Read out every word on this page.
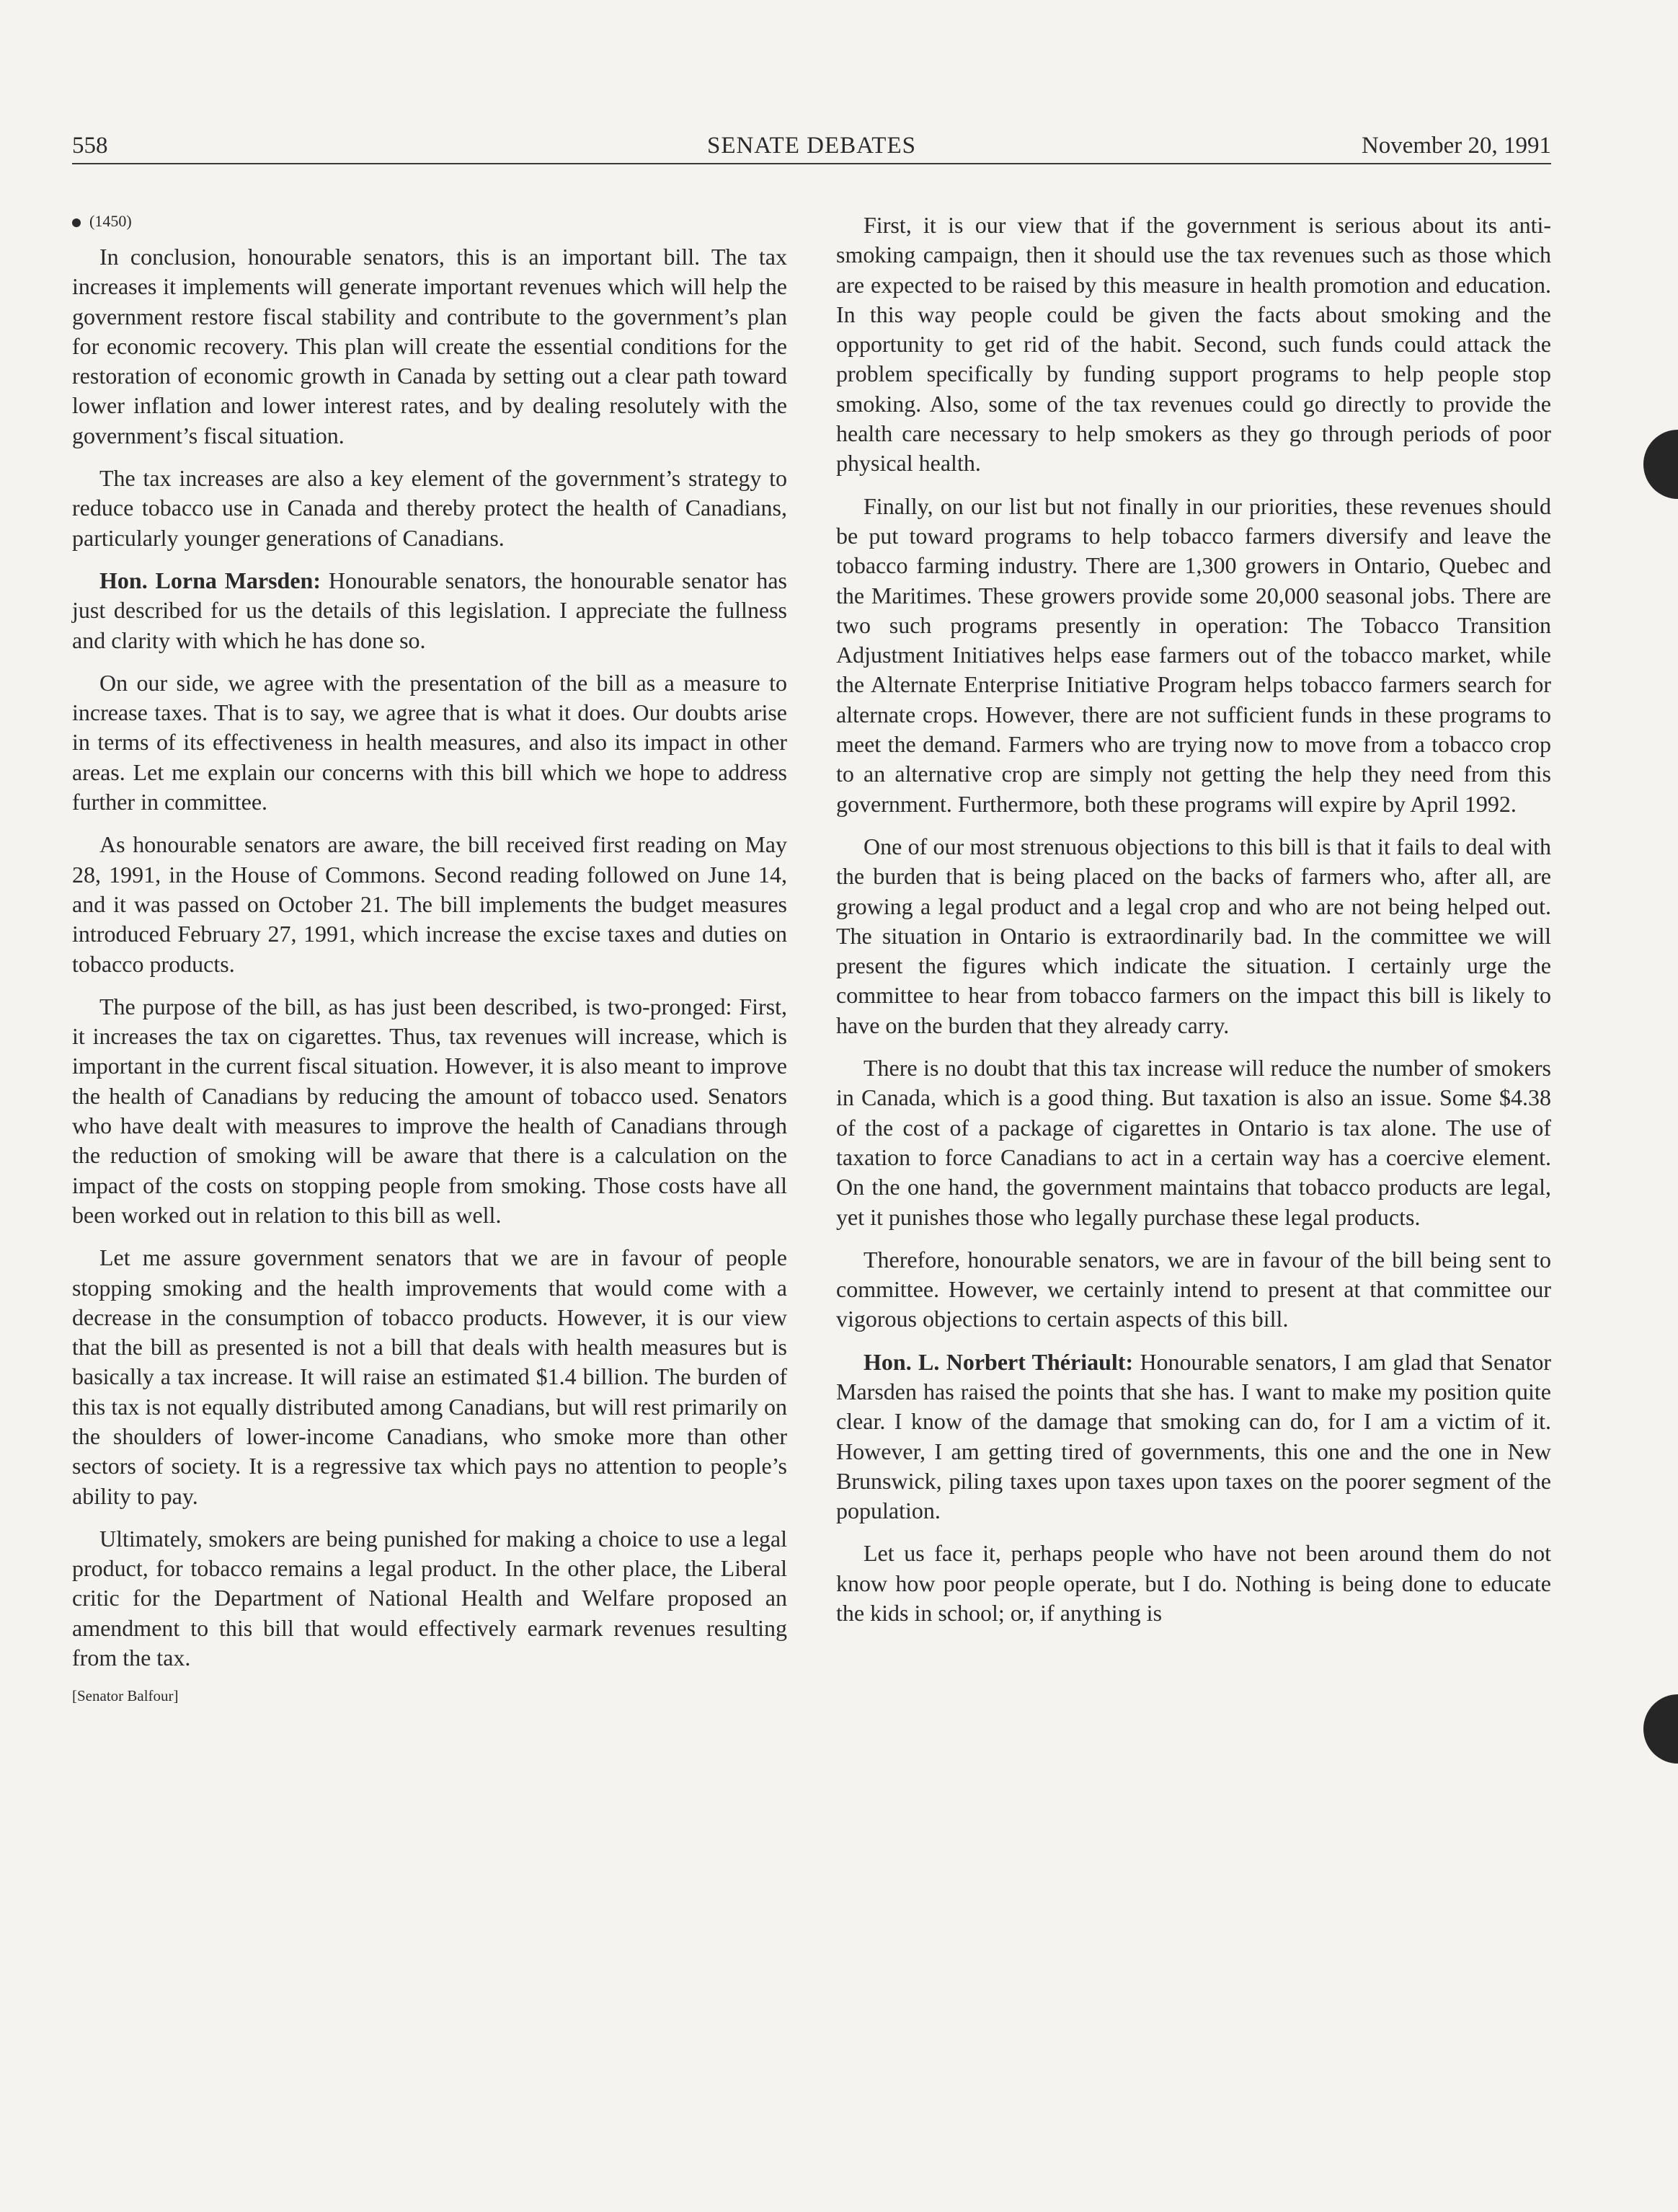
558	SENATE DEBATES	November 20, 1991
(1450)

In conclusion, honourable senators, this is an important bill. The tax increases it implements will generate important revenues which will help the government restore fiscal stability and contribute to the government’s plan for economic recovery. This plan will create the essential conditions for the restoration of economic growth in Canada by setting out a clear path toward lower inflation and lower interest rates, and by dealing resolutely with the government’s fiscal situation.

The tax increases are also a key element of the government’s strategy to reduce tobacco use in Canada and thereby protect the health of Canadians, particularly younger generations of Canadians.

Hon. Lorna Marsden: Honourable senators, the honourable senator has just described for us the details of this legislation. I appreciate the fullness and clarity with which he has done so.

On our side, we agree with the presentation of the bill as a measure to increase taxes. That is to say, we agree that is what it does. Our doubts arise in terms of its effectiveness in health measures, and also its impact in other areas. Let me explain our concerns with this bill which we hope to address further in committee.

As honourable senators are aware, the bill received first reading on May 28, 1991, in the House of Commons. Second reading followed on June 14, and it was passed on October 21. The bill implements the budget measures introduced February 27, 1991, which increase the excise taxes and duties on tobacco products.

The purpose of the bill, as has just been described, is two-pronged: First, it increases the tax on cigarettes. Thus, tax revenues will increase, which is important in the current fiscal situation. However, it is also meant to improve the health of Canadians by reducing the amount of tobacco used. Senators who have dealt with measures to improve the health of Canadians through the reduction of smoking will be aware that there is a calculation on the impact of the costs on stopping people from smoking. Those costs have all been worked out in relation to this bill as well.

Let me assure government senators that we are in favour of people stopping smoking and the health improvements that would come with a decrease in the consumption of tobacco products. However, it is our view that the bill as presented is not a bill that deals with health measures but is basically a tax increase. It will raise an estimated $1.4 billion. The burden of this tax is not equally distributed among Canadians, but will rest primarily on the shoulders of lower-income Canadians, who smoke more than other sectors of society. It is a regressive tax which pays no attention to people’s ability to pay.

Ultimately, smokers are being punished for making a choice to use a legal product, for tobacco remains a legal product. In the other place, the Liberal critic for the Department of National Health and Welfare proposed an amendment to this bill that would effectively earmark revenues resulting from the tax.

[Senator Balfour]

First, it is our view that if the government is serious about its anti-smoking campaign, then it should use the tax revenues such as those which are expected to be raised by this measure in health promotion and education. In this way people could be given the facts about smoking and the opportunity to get rid of the habit. Second, such funds could attack the problem specifically by funding support programs to help people stop smoking. Also, some of the tax revenues could go directly to provide the health care necessary to help smokers as they go through periods of poor physical health.

Finally, on our list but not finally in our priorities, these revenues should be put toward programs to help tobacco farmers diversify and leave the tobacco farming industry. There are 1,300 growers in Ontario, Quebec and the Maritimes. These growers provide some 20,000 seasonal jobs. There are two such programs presently in operation: The Tobacco Transition Adjustment Initiatives helps ease farmers out of the tobacco market, while the Alternate Enterprise Initiative Program helps tobacco farmers search for alternate crops. However, there are not sufficient funds in these programs to meet the demand. Farmers who are trying now to move from a tobacco crop to an alternative crop are simply not getting the help they need from this government. Furthermore, both these programs will expire by April 1992.

One of our most strenuous objections to this bill is that it fails to deal with the burden that is being placed on the backs of farmers who, after all, are growing a legal product and a legal crop and who are not being helped out. The situation in Ontario is extraordinarily bad. In the committee we will present the figures which indicate the situation. I certainly urge the committee to hear from tobacco farmers on the impact this bill is likely to have on the burden that they already carry.

There is no doubt that this tax increase will reduce the number of smokers in Canada, which is a good thing. But taxation is also an issue. Some $4.38 of the cost of a package of cigarettes in Ontario is tax alone. The use of taxation to force Canadians to act in a certain way has a coercive element. On the one hand, the government maintains that tobacco products are legal, yet it punishes those who legally purchase these legal products.

Therefore, honourable senators, we are in favour of the bill being sent to committee. However, we certainly intend to present at that committee our vigorous objections to certain aspects of this bill.

Hon. L. Norbert Thériault: Honourable senators, I am glad that Senator Marsden has raised the points that she has. I want to make my position quite clear. I know of the damage that smoking can do, for I am a victim of it. However, I am getting tired of governments, this one and the one in New Brunswick, piling taxes upon taxes upon taxes on the poorer segment of the population.

Let us face it, perhaps people who have not been around them do not know how poor people operate, but I do. Nothing is being done to educate the kids in school; or, if anything is
